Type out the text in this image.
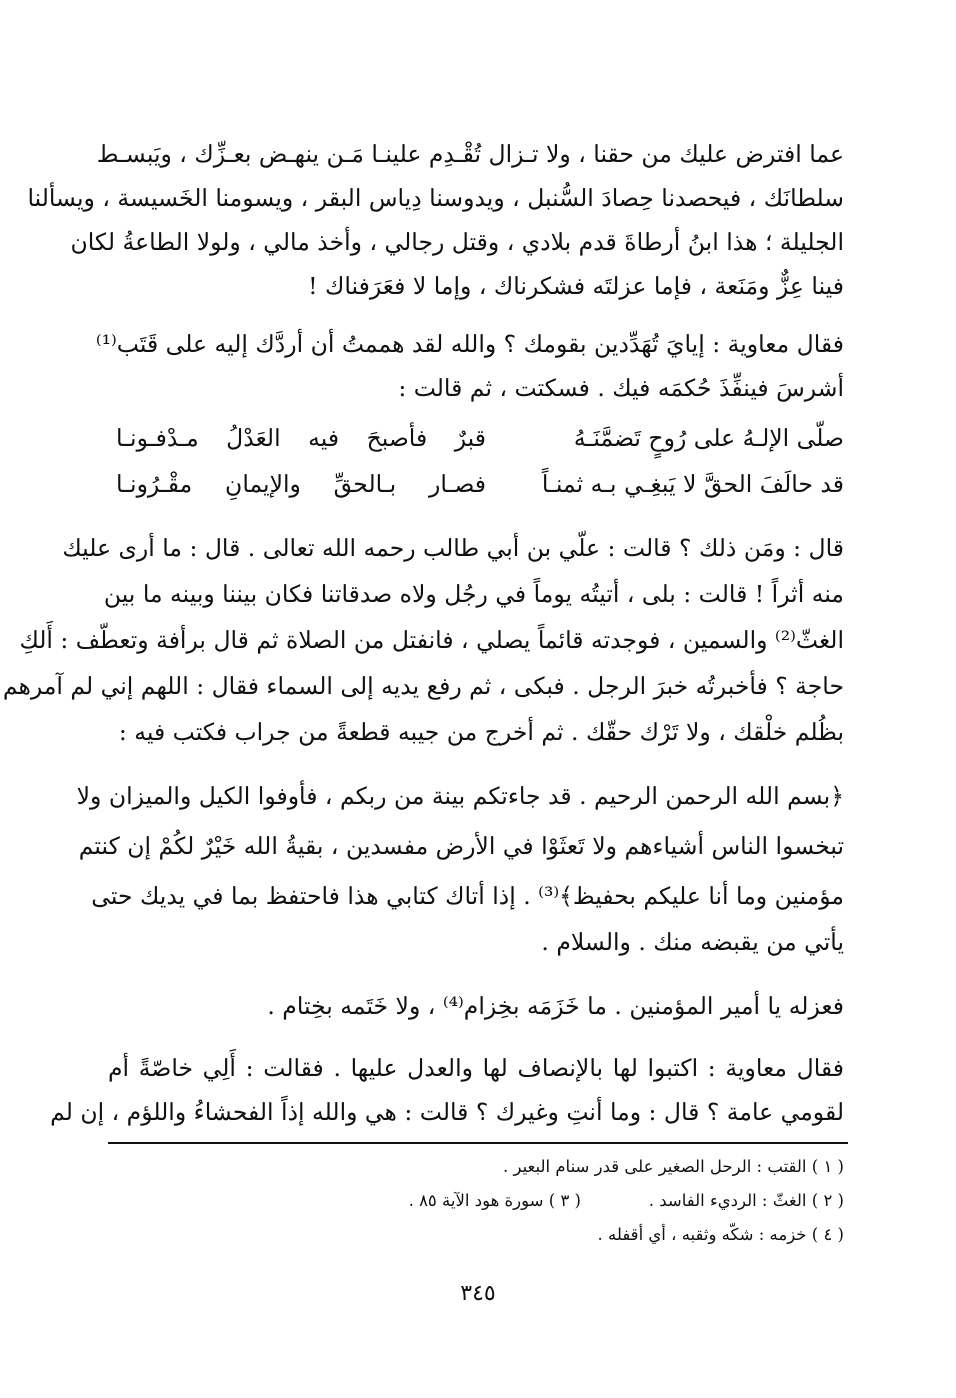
عما افترض عليك من حقنا ، ولا تـزال تُقْـدِم علينـا مَـن ينهـض بعـزِّك ، ويَبسـط
سلطانَك ، فيحصدنا حِصادَ السُّنبل ، ويدوسنا دِياس البقر ، ويسومنا الخَسيسة ، ويسألنا
الجليلة ؛ هذا ابنُ أرطاةَ قدم بلادي ، وقتل رجالي ، وأخذ مالي ، ولولا الطاعةُ لكان
فينا عِزٌّ ومَنَعة ، فإما عزلتَه فشكرناك ، وإما لا فعَرَفناك !
فقال معاوية : إيايَ تُهَدِّدين بقومك ؟ والله لقد هممتُ أن أردَّك إليه على قَتَب⁽¹⁾
أشرسَ فينفِّذَ حُكمَه فيك . فسكتت ، ثم قالت :
صلّى الإلـهُ على رُوحٍ تَضمَّنَـهُ
قبرٌ فأصبحَ فيه العَدْلُ مـدْفـونـا
قد حالَفَ الحقَّ لا يَبغِـي بـه ثمنـاً
فصـار بـالحقِّ والإيمانِ مقْـرُونـا
قال : ومَن ذلك ؟ قالت : علّي بن أبي طالب رحمه الله تعالى . قال : ما أرى عليك
منه أثراً ! قالت : بلى ، أتيتُه يوماً في رجُل ولاه صدقاتنا فكان بيننا وبينه ما بين
الغثّ⁽²⁾ والسمين ، فوجدته قائماً يصلي ، فانفتل من الصلاة ثم قال برأفة وتعطّف : أَلكِ
حاجة ؟ فأخبرتُه خبرَ الرجل . فبكى ، ثم رفع يديه إلى السماء فقال : اللهم إني لم آمرهم
بظُلم خلْقك ، ولا تَرْك حقّك . ثم أخرج من جيبه قطعةً من جراب فكتب فيه :
﴿بسم الله الرحمن الرحيم . قد جاءتكم بينة من ربكم ، فأوفوا الكيل والميزان ولا
تبخسوا الناس أشياءهم ولا تَعثَوْا في الأرض مفسدين ، بقيةُ الله خَيْرٌ لكُمْ إن كنتم
مؤمنين وما أنا عليكم بحفيظ﴾⁽³⁾ . إذا أتاك كتابي هذا فاحتفظ بما في يديك حتى
يأتي من يقبضه منك . والسلام .
فعزله يا أمير المؤمنين . ما خَزَمَه بخِزام⁽⁴⁾ ، ولا خَتَمه بخِتام .
فقال معاوية : اكتبوا لها بالإنصاف لها والعدل عليها . فقالت : أَلِي خاصّةً أم
لقومي عامة ؟ قال : وما أنتِ وغيرك ؟ قالت : هي والله إذاً الفحشاءُ واللؤم ، إن لم
( ١ ) القتب : الرحل الصغير على قدر سنام البعير .
( ٢ ) الغثّ : الرديء الفاسد .
( ٣ ) سورة هود الآية ٨٥ .
( ٤ ) خزمه : شكّه وثقبه ، أي أقفله .
٣٤٥
